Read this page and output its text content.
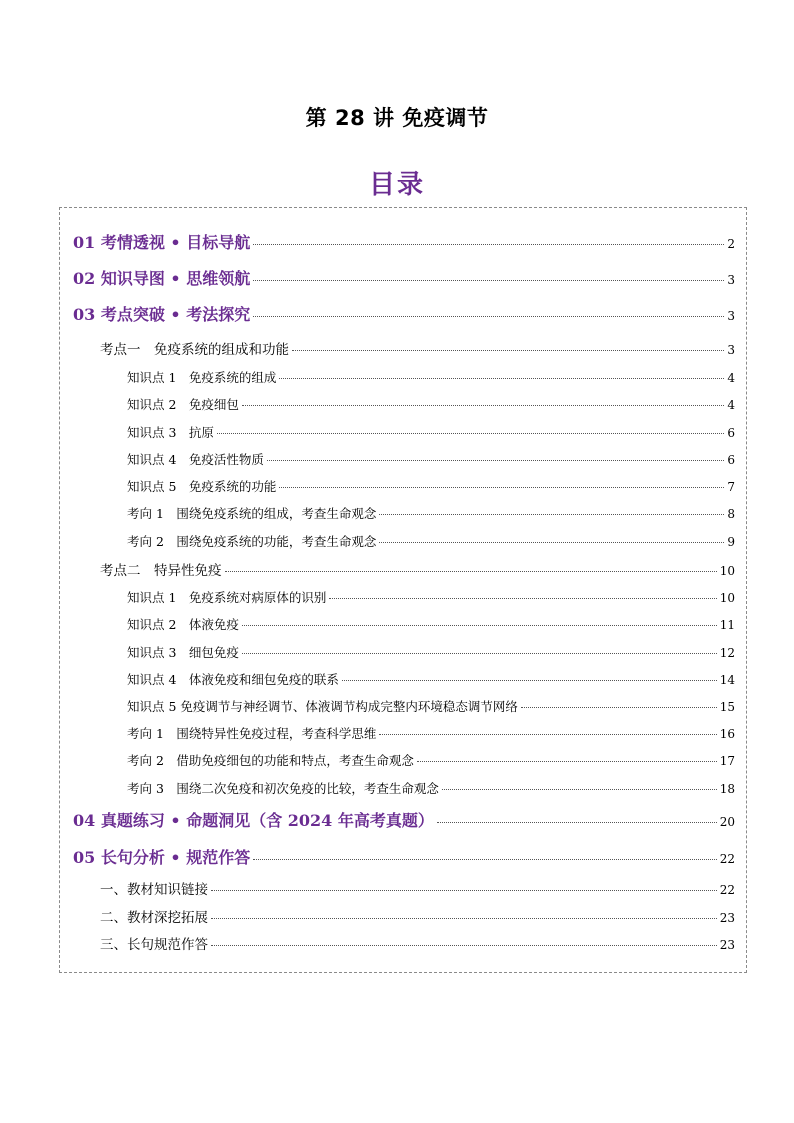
第 28 讲 免疫调节
目录
01 考情透视 • 目标导航	2
02 知识导图 • 思维领航	3
03 考点突破 • 考法探究	3
考点一　免疫系统的组成和功能	3
知识点 1　免疫系统的组成	4
知识点 2　免疫细包	4
知识点 3　抗原	6
知识点 4　免疫活性物质	6
知识点 5　免疫系统的功能	7
考向 1　围绕免疫系统的组成，考查生命观念	8
考向 2　围绕免疫系统的功能，考查生命观念	9
考点二　特异性免疫	10
知识点 1　免疫系统对病原体的识别	10
知识点 2　体液免疫	11
知识点 3　细包免疫	12
知识点 4　体液免疫和细包免疫的联系	14
知识点 5 免疫调节与神经调节、体液调节构成完整内环境稳态调节网络	15
考向 1　围绕特异性免疫过程，考查科学思维	16
考向 2　借助免疫细包的功能和特点，考查生命观念	17
考向 3　围绕二次免疫和初次免疫的比较，考查生命观念	18
04 真题练习 • 命题洞见（含 2024 年高考真题）	20
05 长句分析 • 规范作答	22
一、教材知识链接	22
二、教材深挖拓展	23
三、长句规范作答	23
